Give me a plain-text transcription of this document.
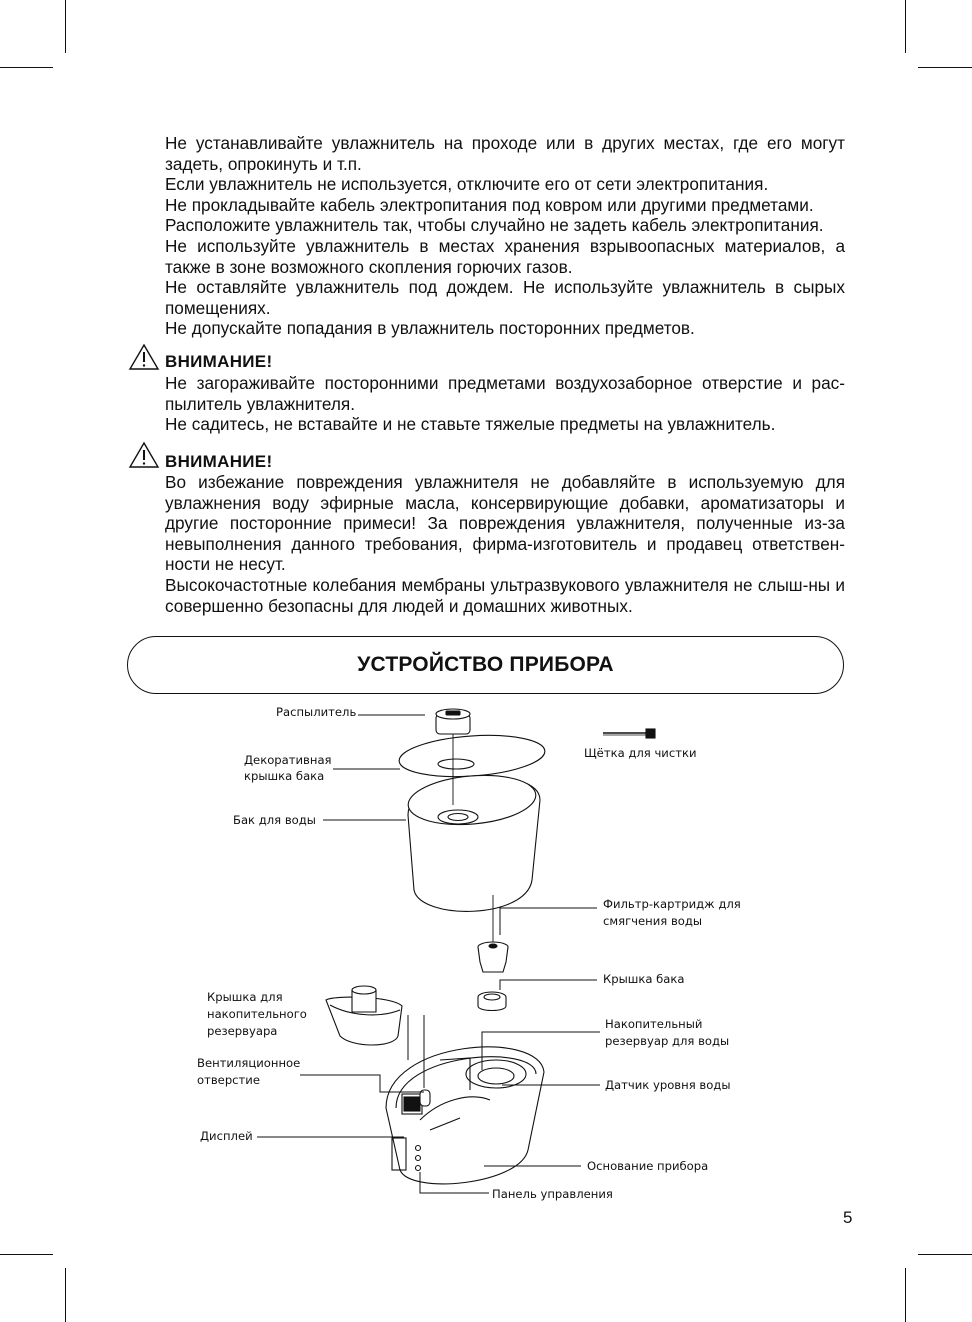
Не устанавливайте увлажнитель на проходе или в других местах, где его могут задеть, опрокинуть и т.п.

Если увлажнитель не используется, отключите его от сети электропитания.

Не прокладывайте кабель электропитания под ковром или другими предметами.

Расположите увлажнитель так, чтобы случайно не задеть кабель электропитания.

Не используйте увлажнитель в местах хранения взрывоопасных материалов, а также в зоне возможного скопления горючих газов.

Не оставляйте увлажнитель под дождем. Не используйте увлажнитель в сырых помещениях.

Не допускайте попадания в увлажнитель посторонних предметов.

ВНИМАНИЕ!

Не загораживайте посторонними предметами воздухозаборное отверстие и рас-пылитель увлажнителя.

Не садитесь, не вставайте и не ставьте тяжелые предметы на увлажнитель.

ВНИМАНИЕ!

Во избежание повреждения увлажнителя не добавляйте в используемую для увлажнения воду эфирные масла, консервирующие добавки, ароматизаторы и другие посторонние примеси! За повреждения увлажнителя, полученные из-за невыполнения данного требования, фирма-изготовитель и продавец ответствен-ности не несут.

Высокочастотные колебания мембраны ультразвукового увлажнителя не слыш-ны и совершенно безопасны для людей и домашних животных.

УСТРОЙСТВО ПРИБОРА
Распылитель
Декоративная
крышка бака
Щётка для чистки
Бак для воды
Фильтр-картридж для
смягчения воды
Крышка бака
Крышка для
накопительного
резервуара	Накопительный
резервуар для воды
Вентиляционное
отверстие	Датчик уровня воды
Дисплей
Основание прибора
Панель управления
5
